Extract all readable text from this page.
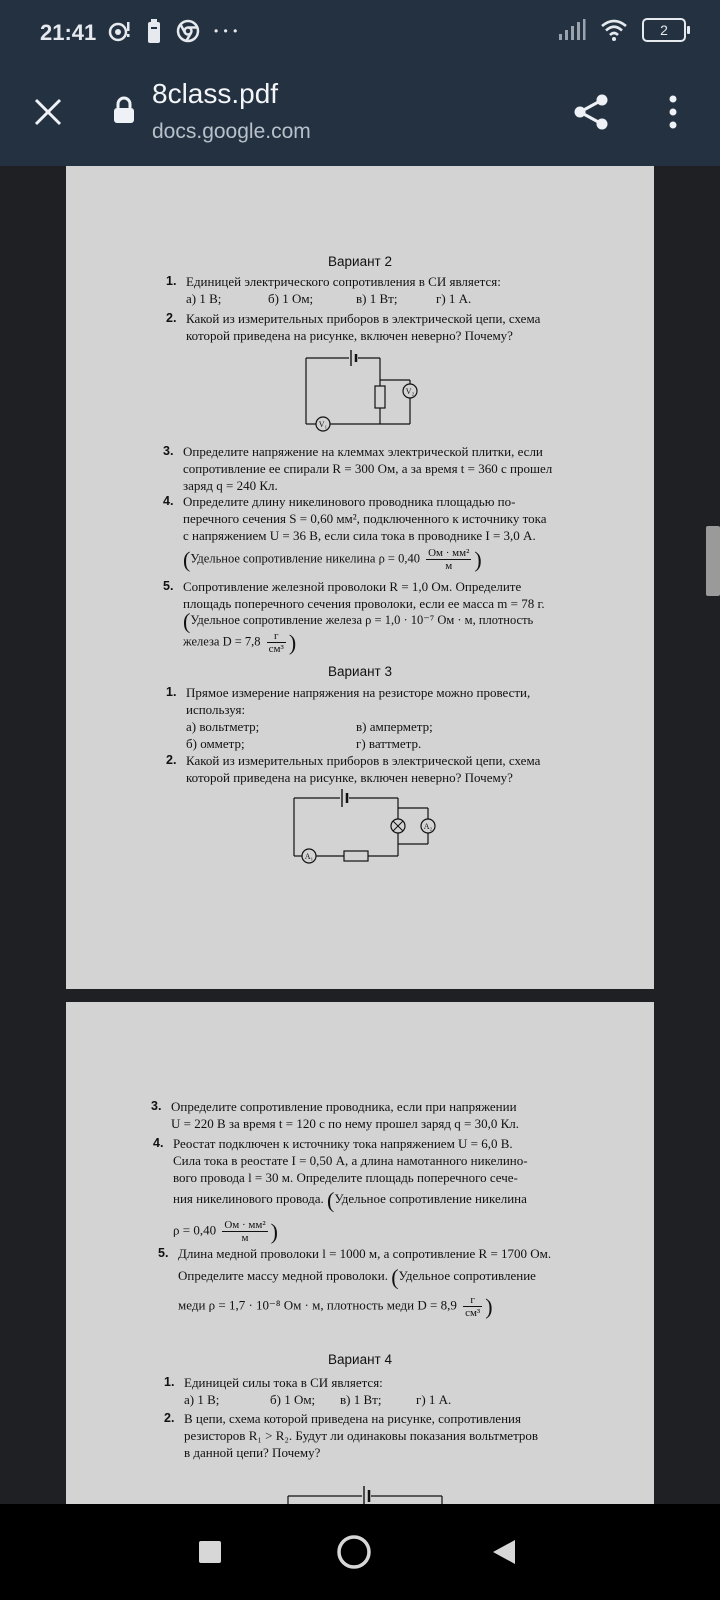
21:41	• • •	2
8class.pdf
docs.google.com
Вариант 2
1. Единицей электрического сопротивления в СИ является:
а) 1 В;	б) 1 Ом;	в) 1 Вт;	г) 1 А.
2. Какой из измерительных приборов в электрической цепи, схема
которой приведена на рисунке, включен неверно? Почему?
V₂
V₁
3. Определите напряжение на клеммах электрической плитки, если
сопротивление ее спирали R = 300 Ом, а за время t = 360 с прошел
заряд q = 240 Кл.
4. Определите длину никелинового проводника площадью по-
перечного сечения S = 0,60 мм², подключенного к источнику тока
с напряжением U = 36 В, если сила тока в проводнике I = 3,0 А.
(Удельное сопротивление никелина $\rho = 0,40 \frac{\text{Ом · мм²}}{м}$ )
5. Сопротивление железной проволоки R = 1,0 Ом. Определите
площадь поперечного сечения проволоки, если ее масса m = 78 г.
(Удельное сопротивление железа ρ = 1,0 · 10⁻⁷ Ом · м, плотность
железа $D = 7,8 \frac{г}{\text{см³}}$ )
Вариант 3
1. Прямое измерение напряжения на резисторе можно провести,
используя:
а) вольтметр;	в) амперметр;
б) омметр;	г) ваттметр.
2. Какой из измерительных приборов в электрической цепи, схема
которой приведена на рисунке, включен неверно? Почему?
A₂
A₁
3. Определите сопротивление проводника, если при напряжении
U = 220 В за время t = 120 с по нему прошел заряд q = 30,0 Кл.
4. Реостат подключен к источнику тока напряжением U = 6,0 В.
Сила тока в реостате I = 0,50 А, а длина намотанного никелино-
вого провода l = 30 м. Определите площадь поперечного сече-
ния никелинового провода. (Удельное сопротивление никелина
$\rho = 0,40 \frac{\text{Ом · мм²}}{м}$ )
5. Длина медной проволоки l = 1000 м, а сопротивление R = 1700 Ом.
Определите массу медной проволоки. (Удельное сопротивление
меди ρ = 1,7 · 10⁻⁸ Ом · м, плотность меди $D = 8,9 \frac{г}{\text{см³}}$ )
Вариант 4
1. Единицей силы тока в СИ является:
а) 1 В;	б) 1 Ом;	в) 1 Вт;	г) 1 А.
2. В цепи, схема которой приведена на рисунке, сопротивления
резисторов R₁ > R₂. Будут ли одинаковы показания вольтметров
в данной цепи? Почему?
